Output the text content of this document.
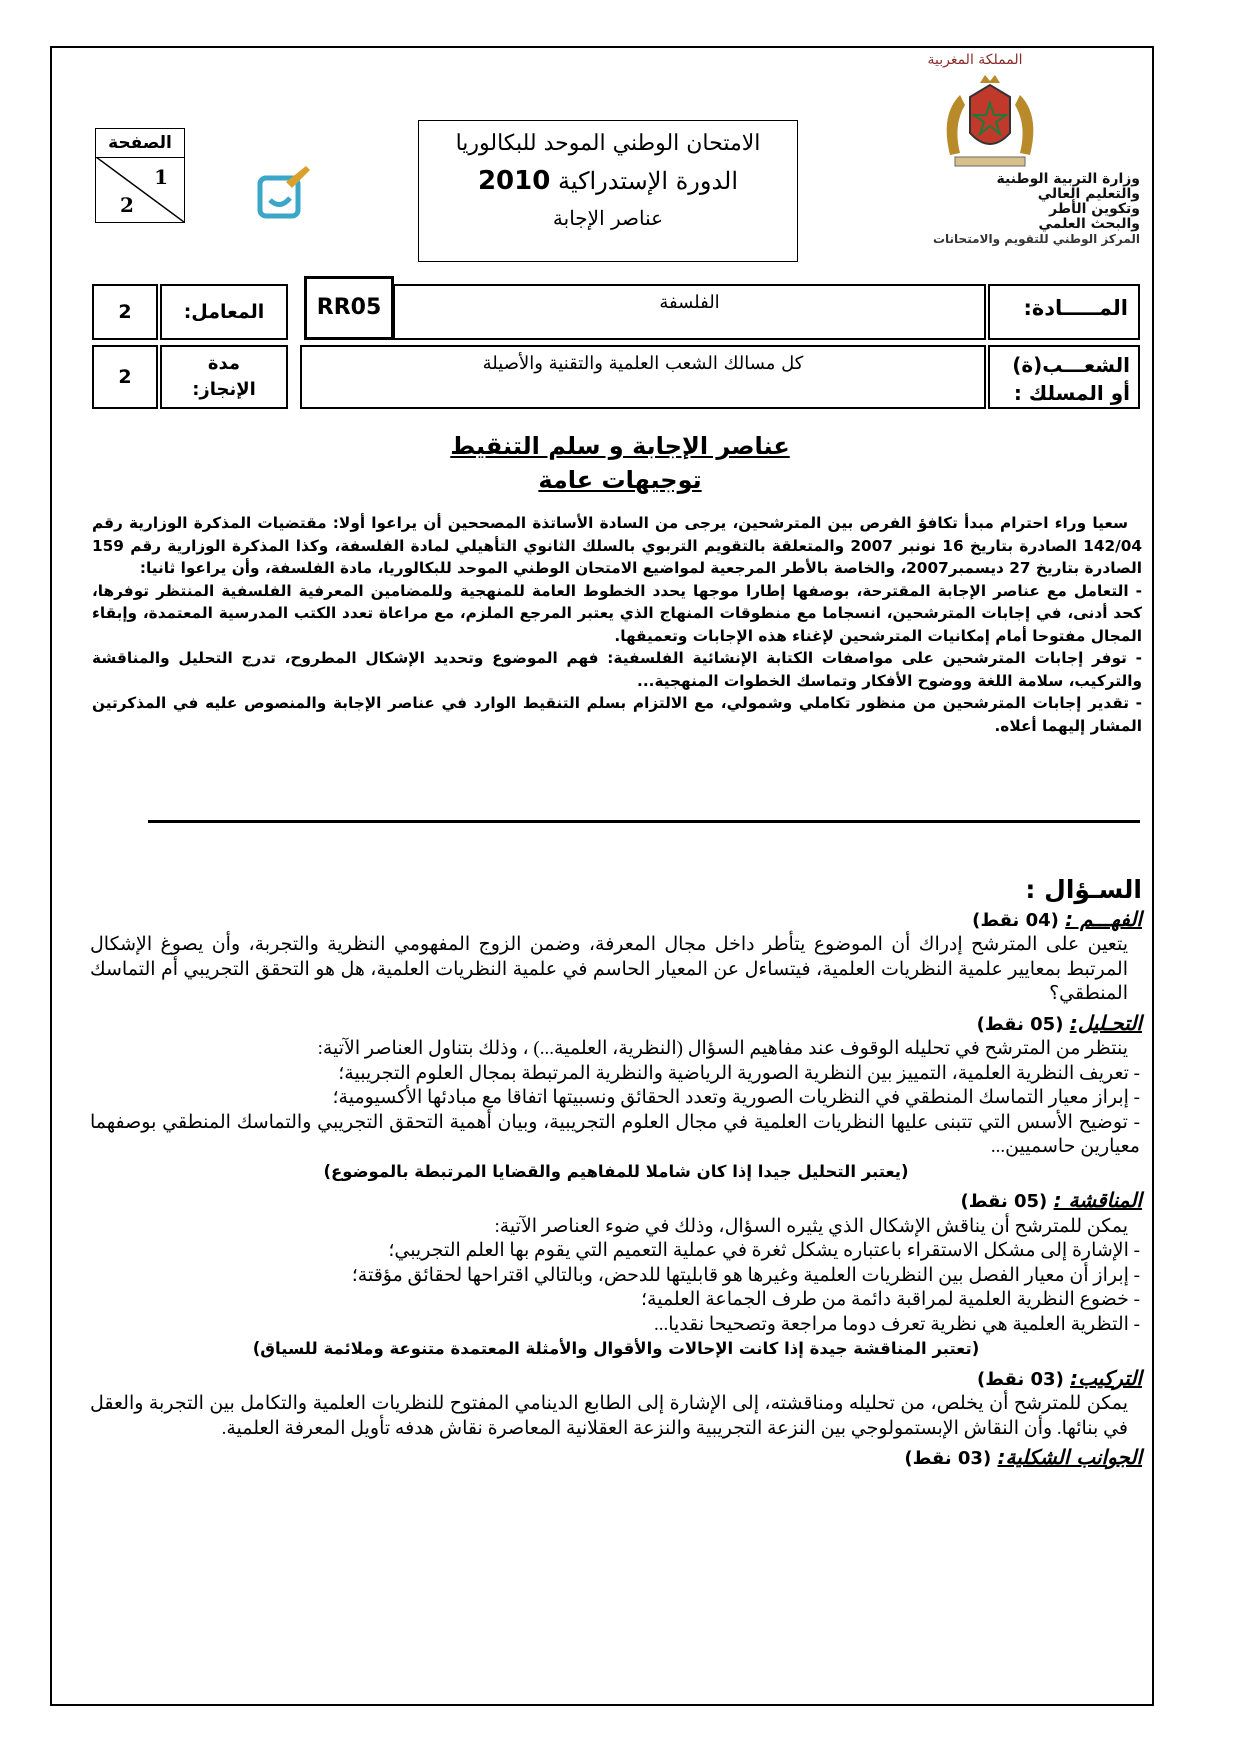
المملكة المغربية
وزارة التربية الوطنية
والتعليم العالي
وتكوين الأطر
والبحث العلمي
المركز الوطني للتقويم والامتحانات
الامتحان الوطني الموحد للبكالوريا
الدورة الإستدراكية 2010
عناصر الإجابة
الصفحة
1
2
المـــــادة:
الفلسفة
RR05
المعامل:
2
الشعـــب(ة)
أو المسلك :
كل مسالك الشعب العلمية والتقنية والأصيلة
مدة
الإنجاز:
2
عناصر الإجابة و سلم التنقيط
توجيهات عامة

سعيا وراء احترام مبدأ تكافؤ الفرص بين المترشحين، يرجى من السادة الأساتذة المصححين أن يراعوا أولا: مقتضيات المذكرة الوزارية رقم 142/04 الصادرة بتاريخ 16 نونبر 2007 والمتعلقة بالتقويم التربوي بالسلك الثانوي التأهيلي لمادة الفلسفة، وكذا المذكرة الوزارية رقم 159 الصادرة بتاريخ 27 ديسمبر2007، والخاصة بالأطر المرجعية لمواضيع الامتحان الوطني الموحد للبكالوريا، مادة الفلسفة، وأن يراعوا ثانيا:

- التعامل مع عناصر الإجابة المقترحة، بوصفها إطارا موجها يحدد الخطوط العامة للمنهجية وللمضامين المعرفية الفلسفية المنتظر توفرها، كحد أدنى، في إجابات المترشحين، انسجاما مع منطوقات المنهاج الذي يعتبر المرجع الملزم، مع مراعاة تعدد الكتب المدرسية المعتمدة، وإبقاء المجال مفتوحا أمام إمكانيات المترشحين لإغناء هذه الإجابات وتعميقها.

- توفر إجابات المترشحين على مواصفات الكتابة الإنشائية الفلسفية: فهم الموضوع وتحديد الإشكال المطروح، تدرج التحليل والمناقشة والتركيب، سلامة اللغة ووضوح الأفكار وتماسك الخطوات المنهجية...

- تقدير إجابات المترشحين من منظور تكاملي وشمولي، مع الالتزام بسلم التنقيط الوارد في عناصر الإجابة والمنصوص عليه في المذكرتين المشار إليهما أعلاه.

السـؤال :
الفهـــم : (04 نقط)

يتعين على المترشح إدراك أن الموضوع يتأطر داخل مجال المعرفة، وضمن الزوج المفهومي النظرية والتجربة، وأن يصوغ الإشكال المرتبط بمعايير علمية النظريات العلمية، فيتساءل عن المعيار الحاسم في علمية النظريات العلمية، هل هو التحقق التجريبي أم التماسك المنطقي؟

التحـليل: (05 نقط)

ينتظر من المترشح في تحليله الوقوف عند مفاهيم السؤال (النظرية، العلمية...) ، وذلك بتناول العناصر الآتية:

- تعريف النظرية العلمية، التمييز بين النظرية الصورية الرياضية والنظرية المرتبطة بمجال العلوم التجريبية؛

- إبراز معيار التماسك المنطقي في النظريات الصورية وتعدد الحقائق ونسبيتها اتفاقا مع مبادئها الأكسيومية؛

- توضيح الأسس التي تتبنى عليها النظريات العلمية في مجال العلوم التجريبية، وبيان أهمية التحقق التجريبي والتماسك المنطقي بوصفهما معيارين حاسميين...

(يعتبر التحليل جيدا إذا كان شاملا للمفاهيم والقضايا المرتبطة بالموضوع)

المناقشة : (05 نقط)

يمكن للمترشح أن يناقش الإشكال الذي يثيره السؤال، وذلك في ضوء العناصر الآتية:

- الإشارة إلى مشكل الاستقراء باعتباره يشكل ثغرة في عملية التعميم التي يقوم بها العلم التجريبي؛

- إبراز أن معيار الفصل بين النظريات العلمية وغيرها هو قابليتها للدحض، وبالتالي اقتراحها لحقائق مؤقتة؛

- خضوع النظرية العلمية لمراقبة دائمة من طرف الجماعة العلمية؛

- التظرية العلمية هي نظرية تعرف دوما مراجعة وتصحيحا نقديا...

(تعتبر المناقشة جيدة إذا كانت الإحالات والأقوال والأمثلة المعتمدة متنوعة وملائمة للسياق)

التركيب: (03 نقط)

يمكن للمترشح أن يخلص، من تحليله ومناقشته، إلى الإشارة إلى الطابع الدينامي المفتوح للنظريات العلمية والتكامل بين التجربة والعقل في بنائها. وأن النقاش الإبستمولوجي بين النزعة التجريبية والنزعة العقلانية المعاصرة نقاش هدفه تأويل المعرفة العلمية.

الجوانب الشكلية: (03 نقط)
